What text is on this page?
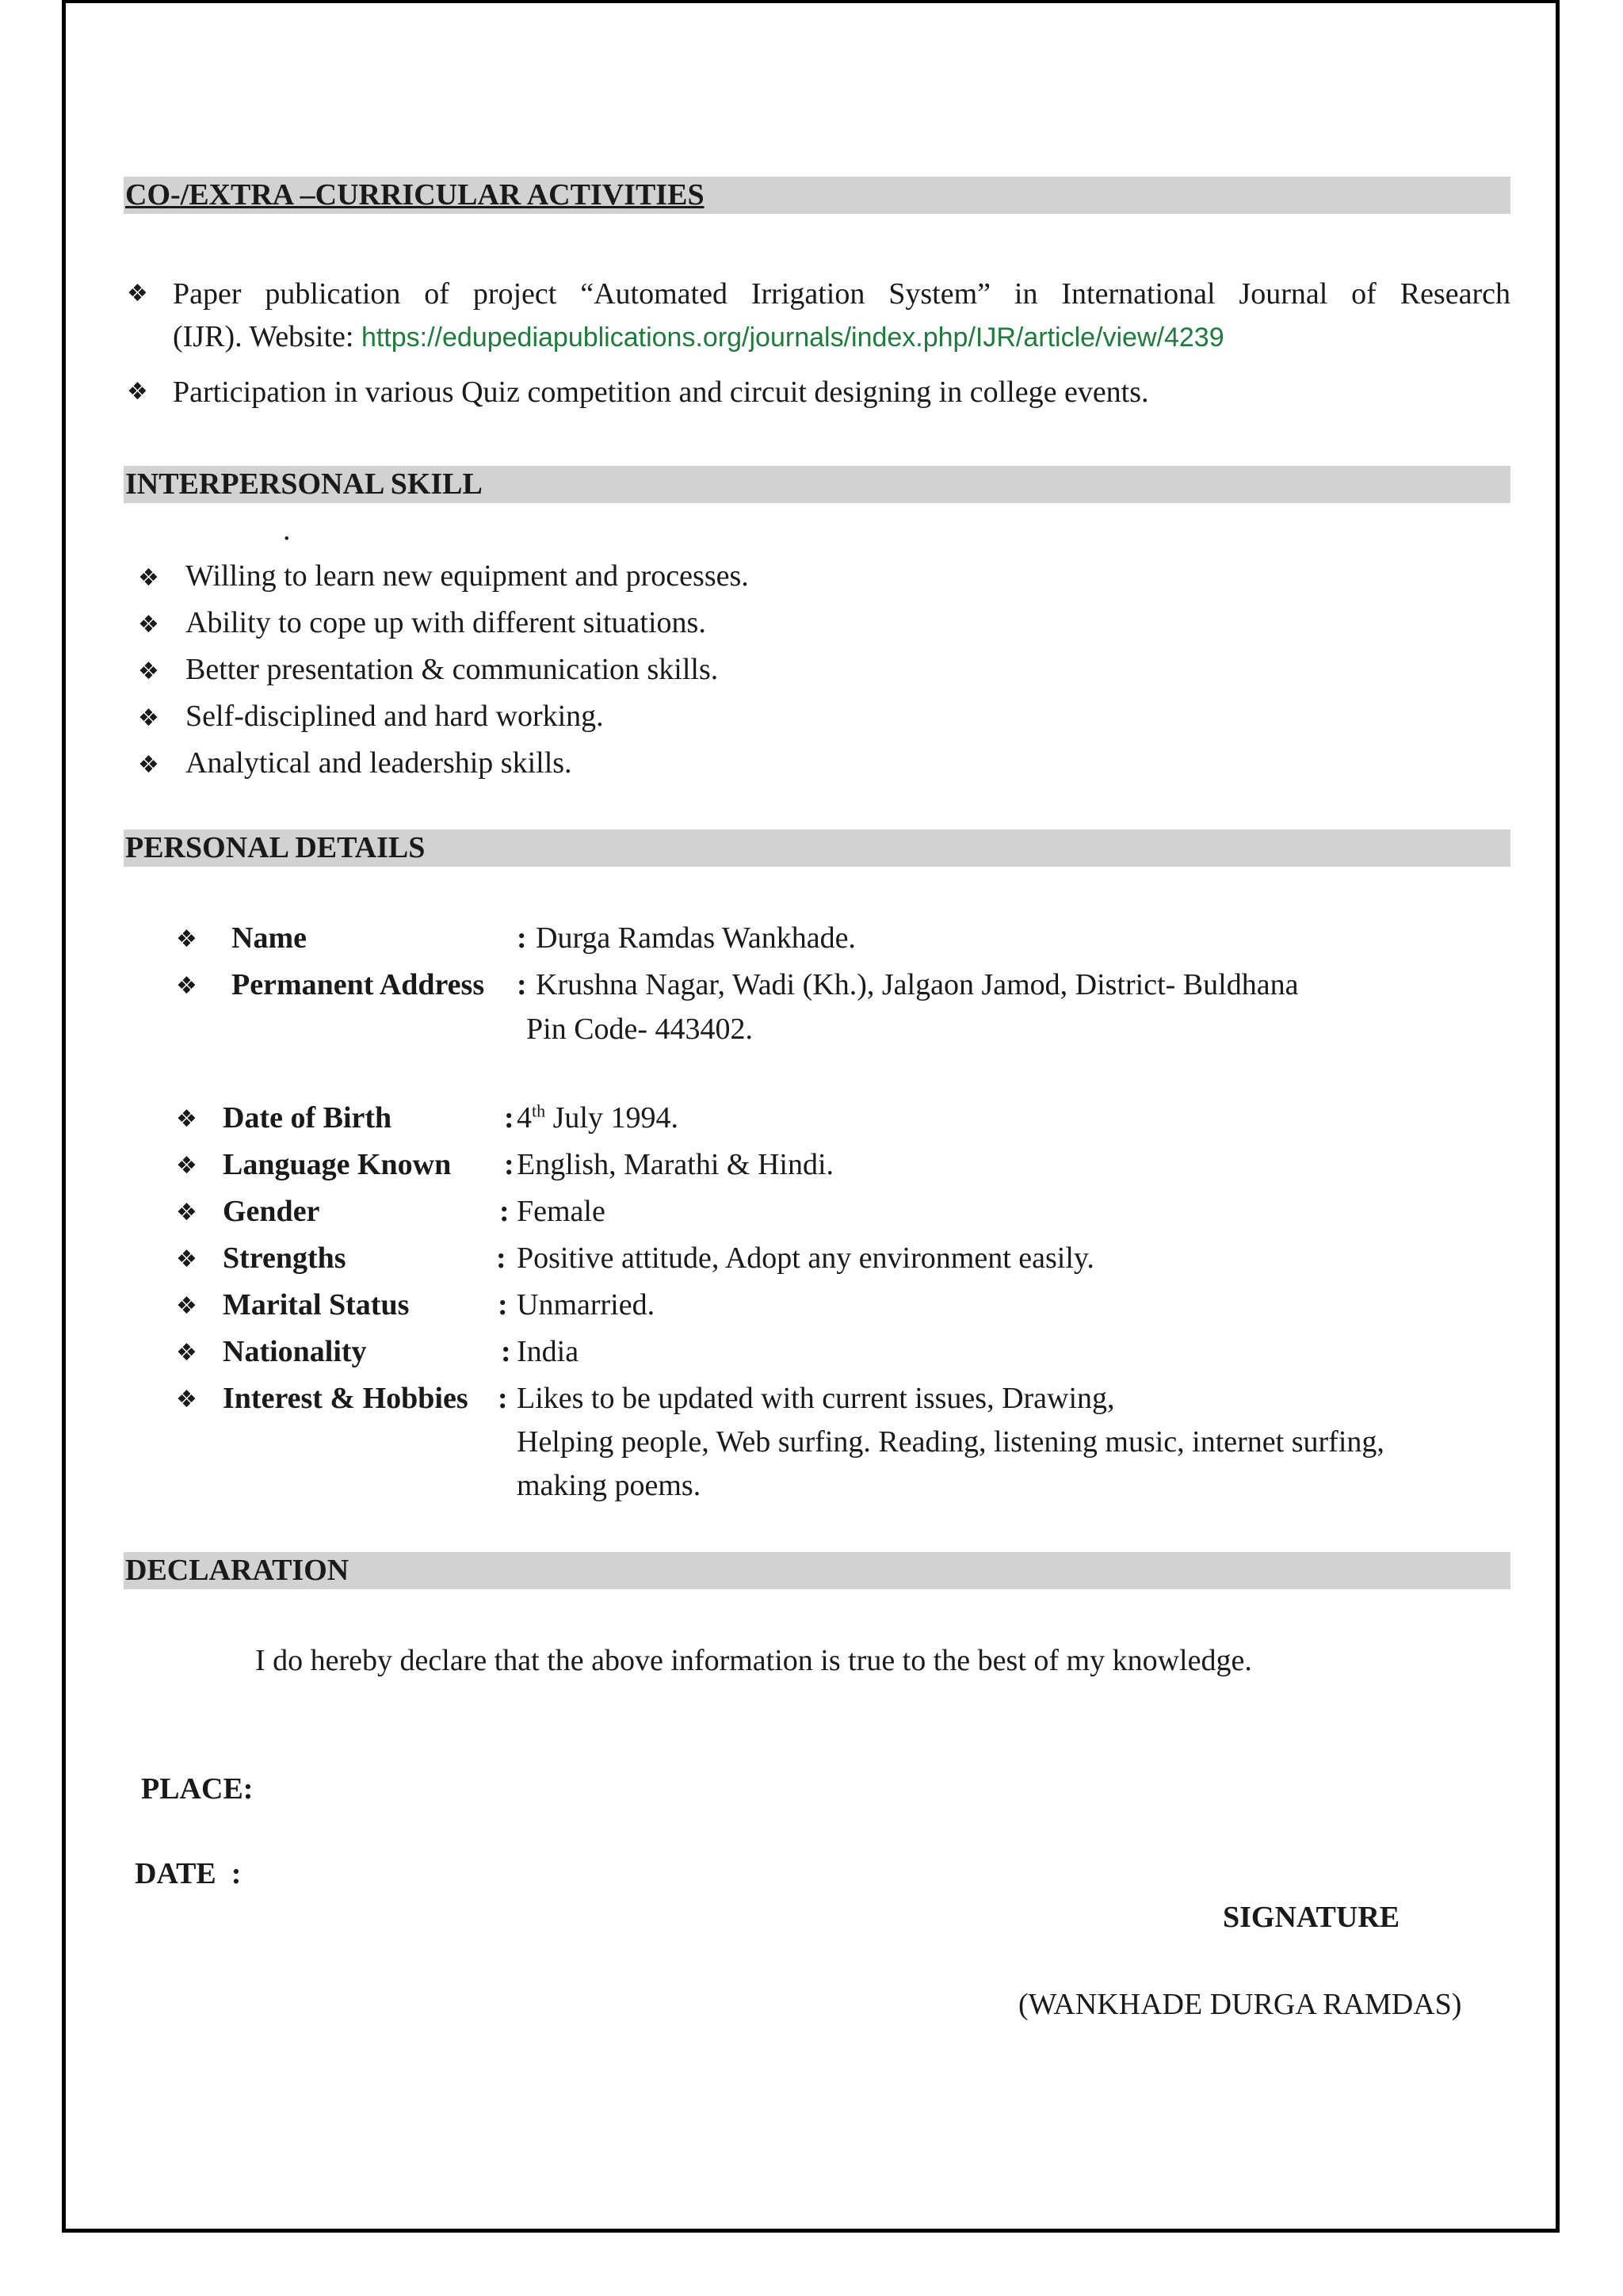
CO-/EXTRA –CURRICULAR ACTIVITIES
❖ Paper publication of project “Automated Irrigation System” in International Journal of Research
(IJR). Website: https://edupediapublications.org/journals/index.php/IJR/article/view/4239
❖ Participation in various Quiz competition and circuit designing in college events.
INTERPERSONAL SKILL
.
❖ Willing to learn new equipment and processes.
❖ Ability to cope up with different situations.
❖ Better presentation & communication skills.
❖ Self-disciplined and hard working.
❖ Analytical and leadership skills.
PERSONAL DETAILS
❖ Name	: Durga Ramdas Wankhade.
❖ Permanent Address : Krushna Nagar, Wadi (Kh.), Jalgaon Jamod, District- Buldhana
Pin Code- 443402.
❖ Date of Birth	: 4th July 1994.
❖ Language Known : English, Marathi & Hindi.
❖ Gender	: Female
❖ Strengths	: Positive attitude, Adopt any environment easily.
❖ Marital Status	: Unmarried.
❖ Nationality	: India
❖ Interest & Hobbies : Likes to be updated with current issues, Drawing,
Helping people, Web surfing. Reading, listening music, internet surfing,
making poems.
DECLARATION
I do hereby declare that the above information is true to the best of my knowledge.
PLACE:
DATE  :
SIGNATURE
(WANKHADE DURGA RAMDAS)
